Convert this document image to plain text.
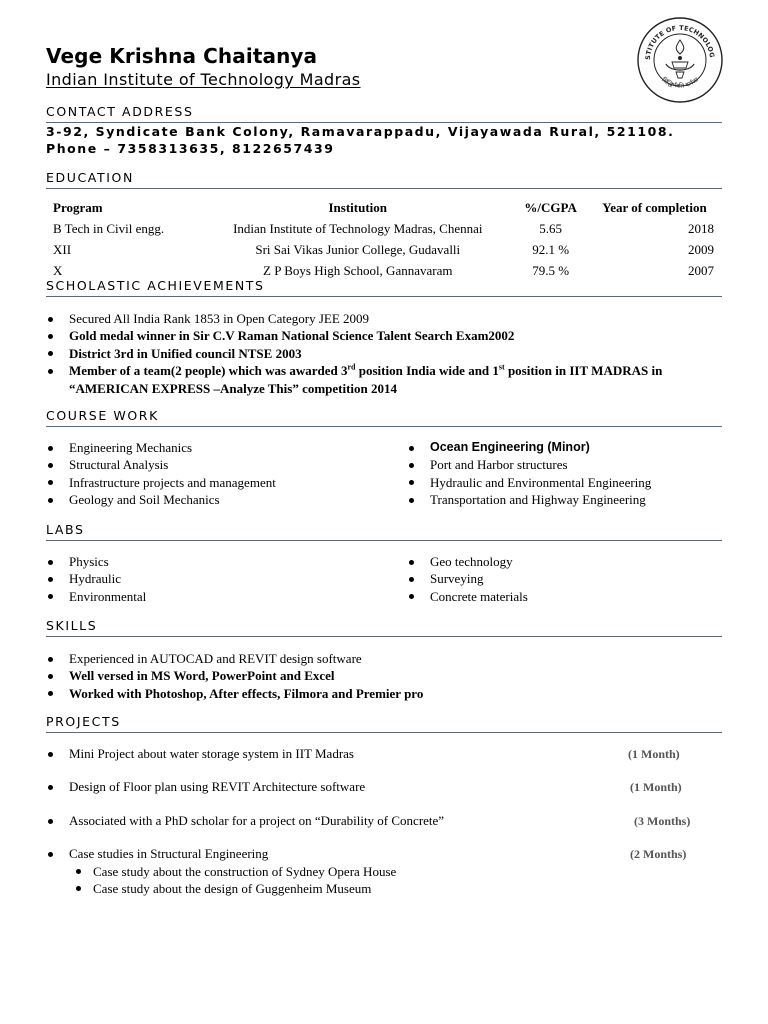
Vege Krishna Chaitanya
Indian Institute of Technology Madras
STITUTE OF TECHNOLOG
सिद्धिर्भवति कर्मजा
CONTACT ADDRESS
3-92, Syndicate Bank Colony, Ramavarappadu, Vijayawada Rural, 521108.
Phone – 7358313635, 8122657439
EDUCATION
Program	Institution	%/CGPA	Year of completion
B Tech in Civil engg.	Indian Institute of Technology Madras, Chennai	5.65	2018
XII	Sri Sai Vikas Junior College, Gudavalli	92.1 %	2009
X	Z P Boys High School, Gannavaram	79.5 %	2007
SCHOLASTIC ACHIEVEMENTS
Secured All India Rank 1853 in Open Category JEE 2009
Gold medal winner in Sir C.V Raman National Science Talent Search Exam2002
District 3rd in Unified council NTSE 2003
Member of a team(2 people) which was awarded 3rd position India wide and 1st position in IIT MADRAS in
“AMERICAN EXPRESS –Analyze This” competition 2014
COURSE WORK
Engineering Mechanics
Structural Analysis
Infrastructure projects and management
Geology and Soil Mechanics
Ocean Engineering (Minor)
Port and Harbor structures
Hydraulic and Environmental Engineering
Transportation and Highway Engineering
LABS
Physics
Hydraulic
Environmental
Geo technology
Surveying
Concrete materials
SKILLS
Experienced in AUTOCAD and REVIT design software
Well versed in MS Word, PowerPoint and Excel
Worked with Photoshop, After effects, Filmora and Premier pro
PROJECTS
Mini Project about water storage system in IIT Madras	(1 Month)
Design of Floor plan using REVIT Architecture software	(1 Month)
Associated with a PhD scholar for a project on “Durability of Concrete”	(3 Months)
Case studies in Structural Engineering	(2 Months)
Case study about the construction of Sydney Opera House
Case study about the design of Guggenheim Museum
